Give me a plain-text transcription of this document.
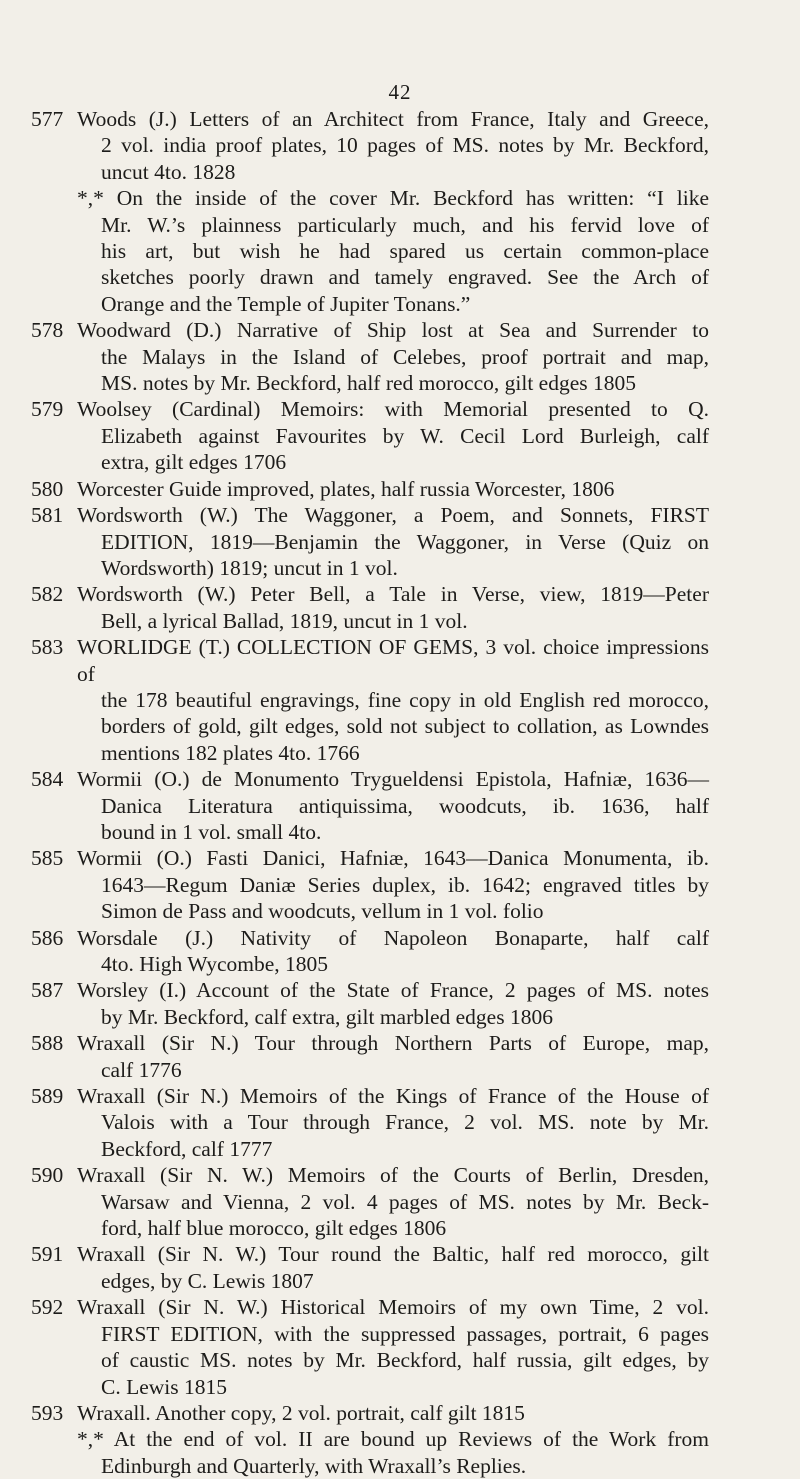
42
577 Woods (J.) Letters of an Architect from France, Italy and Greece,
2 vol. india proof plates, 10 pages of MS. notes by Mr. Beckford,
uncut 4to. 1828
*,* On the inside of the cover Mr. Beckford has written: “I like
Mr. W.’s plainness particularly much, and his fervid love of
his art, but wish he had spared us certain common-place
sketches poorly drawn and tamely engraved. See the Arch of
Orange and the Temple of Jupiter Tonans.”
578 Woodward (D.) Narrative of Ship lost at Sea and Surrender to
the Malays in the Island of Celebes, proof portrait and map,
MS. notes by Mr. Beckford, half red morocco, gilt edges 1805
579 Woolsey (Cardinal) Memoirs: with Memorial presented to Q.
Elizabeth against Favourites by W. Cecil Lord Burleigh, calf
extra, gilt edges 1706
580 Worcester Guide improved, plates, half russia Worcester, 1806
581 Wordsworth (W.) The Waggoner, a Poem, and Sonnets, FIRST
EDITION, 1819—Benjamin the Waggoner, in Verse (Quiz on
Wordsworth) 1819; uncut in 1 vol.
582 Wordsworth (W.) Peter Bell, a Tale in Verse, view, 1819—Peter
Bell, a lyrical Ballad, 1819, uncut in 1 vol.
583 WORLIDGE (T.) COLLECTION OF GEMS, 3 vol. choice impressions of
the 178 beautiful engravings, fine copy in old English red morocco,
borders of gold, gilt edges, sold not subject to collation, as Lowndes
mentions 182 plates 4to. 1766
584 Wormii (O.) de Monumento Trygueldensi Epistola, Hafniæ, 1636—
Danica Literatura antiquissima, woodcuts, ib. 1636, half
bound in 1 vol. small 4to.
585 Wormii (O.) Fasti Danici, Hafniæ, 1643—Danica Monumenta, ib.
1643—Regum Daniæ Series duplex, ib. 1642; engraved titles by
Simon de Pass and woodcuts, vellum in 1 vol. folio
586 Worsdale (J.) Nativity of Napoleon Bonaparte, half calf
4to. High Wycombe, 1805
587 Worsley (I.) Account of the State of France, 2 pages of MS. notes
by Mr. Beckford, calf extra, gilt marbled edges 1806
588 Wraxall (Sir N.) Tour through Northern Parts of Europe, map,
calf 1776
589 Wraxall (Sir N.) Memoirs of the Kings of France of the House of
Valois with a Tour through France, 2 vol. MS. note by Mr.
Beckford, calf 1777
590 Wraxall (Sir N. W.) Memoirs of the Courts of Berlin, Dresden,
Warsaw and Vienna, 2 vol. 4 pages of MS. notes by Mr. Beck-
ford, half blue morocco, gilt edges 1806
591 Wraxall (Sir N. W.) Tour round the Baltic, half red morocco, gilt
edges, by C. Lewis 1807
592 Wraxall (Sir N. W.) Historical Memoirs of my own Time, 2 vol.
FIRST EDITION, with the suppressed passages, portrait, 6 pages
of caustic MS. notes by Mr. Beckford, half russia, gilt edges, by
C. Lewis 1815
593 Wraxall. Another copy, 2 vol. portrait, calf gilt 1815
*,* At the end of vol. II are bound up Reviews of the Work from
Edinburgh and Quarterly, with Wraxall’s Replies.
